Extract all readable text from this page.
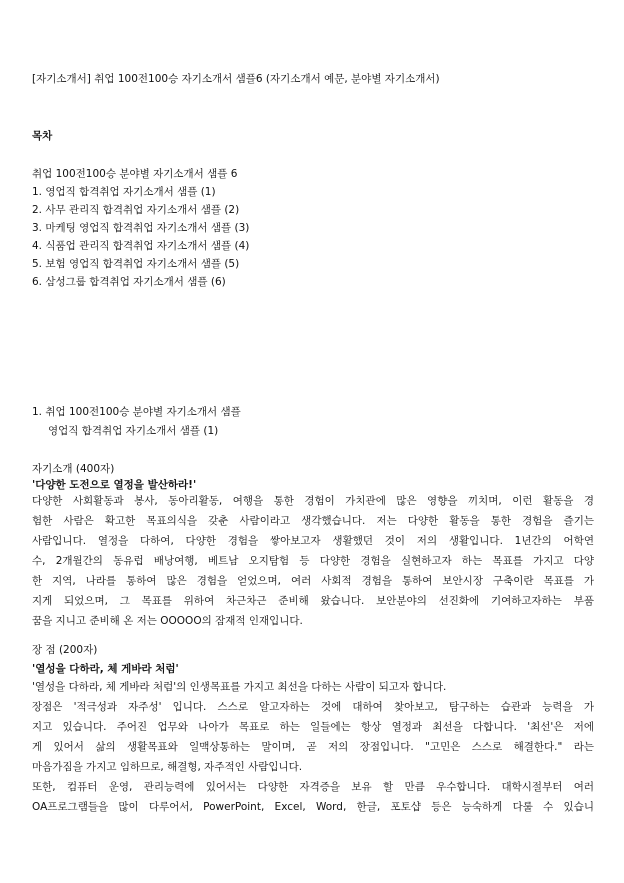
[자기소개서] 취업 100전100승 자기소개서 샘플6 (자기소개서 예문, 분야별 자기소개서)
목차
취업 100전100승 분야별 자기소개서 샘플 6
1. 영업직 합격취업 자기소개서 샘플 (1)
2. 사무 관리직 합격취업 자기소개서 샘플 (2)
3. 마케팅 영업직 합격취업 자기소개서 샘플 (3)
4. 식품업 관리직 합격취업 자기소개서 샘플 (4)
5. 보험 영업직 합격취업 자기소개서 샘플 (5)
6. 삼성그룹 합격취업 자기소개서 샘플 (6)
1. 취업 100전100승 분야별 자기소개서 샘플
영업직 합격취업 자기소개서 샘플 (1)
자기소개 (400자)
'다양한 도전으로 열정을 발산하라!'
다양한 사회활동과 봉사, 동아리활동, 여행을 통한 경험이 가치관에 많은 영향을 끼치며, 이런 활동을 경
험한 사람은 확고한 목표의식을 갖춘 사람이라고 생각했습니다. 저는 다양한 활동을 통한 경험을 즐기는
사람입니다. 열정을 다하여, 다양한 경험을 쌓아보고자 생활했던 것이 저의 생활입니다. 1년간의 어학연
수, 2개월간의 동유럽 배낭여행, 베트남 오지탐험 등 다양한 경험을 실현하고자 하는 목표를 가지고 다양
한 지역, 나라를 통하여 많은 경험을 얻었으며, 여러 사회적 경험을 통하여 보안시장 구축이란 목표를 가
지게 되었으며, 그 목표를 위하여 차근차근 준비해 왔습니다. 보안분야의 선진화에 기여하고자하는 부품
꿈을 지니고 준비해 온 저는 OOOOO의 잠재적 인재입니다.
장 점 (200자)
'열성을 다하라, 체 게바라 처럼'
'열성을 다하라, 체 게바라 처럼'의 인생목표를 가지고 최선을 다하는 사람이 되고자 합니다.
장점은 '적극성과 자주성' 입니다. 스스로 알고자하는 것에 대하여 찾아보고, 탐구하는 습관과 능력을 가
지고 있습니다. 주어진 업무와 나아가 목표로 하는 일들에는 항상 열정과 최선을 다합니다. '최선'은 저에
게 있어서 삶의 생활목표와 일맥상통하는 말이며, 곧 저의 장점입니다. "고민은 스스로 해결한다." 라는
마음가짐을 가지고 임하므로, 해결형, 자주적인 사람입니다.
또한, 컴퓨터 운영, 관리능력에 있어서는 다양한 자격증을 보유 할 만큼 우수합니다. 대학시절부터 여러
OA프로그램들을 많이 다루어서, PowerPoint, Excel, Word, 한글, 포토샵 등은 능숙하게 다룰 수 있습니
